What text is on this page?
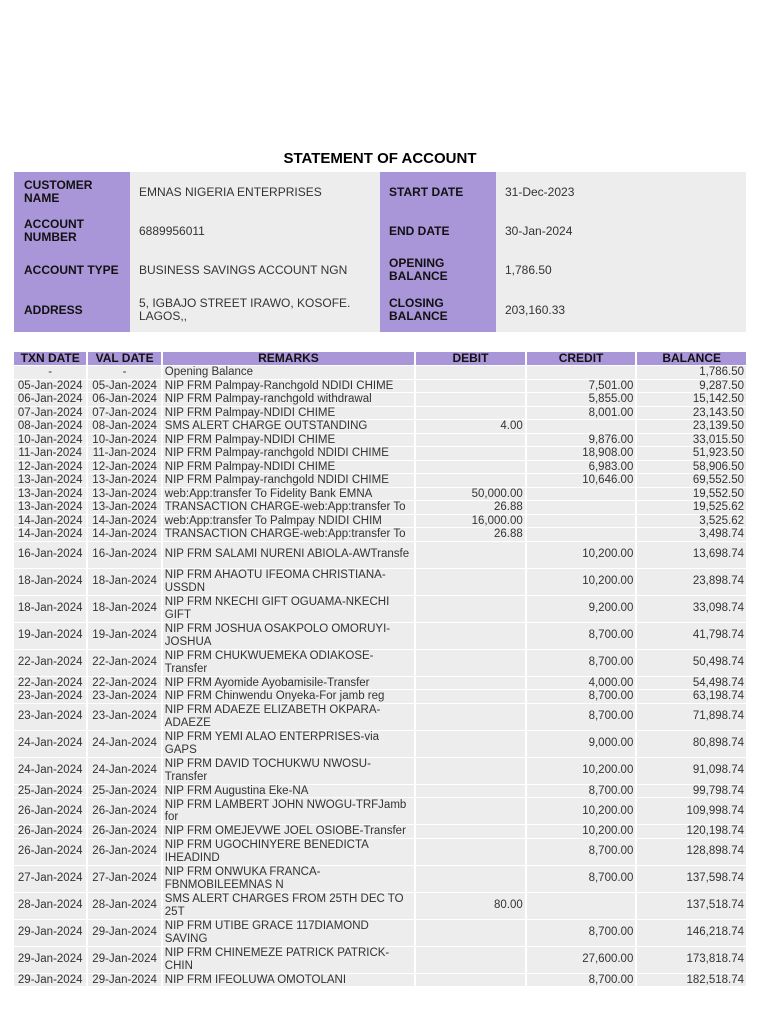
STATEMENT OF ACCOUNT
CUSTOMER NAME	EMNAS NIGERIA ENTERPRISES
ACCOUNT NUMBER	6889956011
ACCOUNT TYPE	BUSINESS SAVINGS ACCOUNT NGN
ADDRESS	5, IGBAJO STREET IRAWO, KOSOFE. LAGOS,,
START DATE	31-Dec-2023
END DATE	30-Jan-2024
OPENING BALANCE	1,786.50
CLOSING BALANCE	203,160.33
TXN DATE	VAL DATE	REMARKS	DEBIT	CREDIT	BALANCE
-	-	Opening Balance			1,786.50
05-Jan-2024	05-Jan-2024	NIP FRM Palmpay-Ranchgold NDIDI CHIME		7,501.00	9,287.50
06-Jan-2024	06-Jan-2024	NIP FRM Palmpay-ranchgold withdrawal		5,855.00	15,142.50
07-Jan-2024	07-Jan-2024	NIP FRM Palmpay-NDIDI CHIME		8,001.00	23,143.50
08-Jan-2024	08-Jan-2024	SMS ALERT CHARGE OUTSTANDING	4.00		23,139.50
10-Jan-2024	10-Jan-2024	NIP FRM Palmpay-NDIDI CHIME		9,876.00	33,015.50
11-Jan-2024	11-Jan-2024	NIP FRM Palmpay-ranchgold NDIDI CHIME		18,908.00	51,923.50
12-Jan-2024	12-Jan-2024	NIP FRM Palmpay-NDIDI CHIME		6,983.00	58,906.50
13-Jan-2024	13-Jan-2024	NIP FRM Palmpay-ranchgold NDIDI CHIME		10,646.00	69,552.50
13-Jan-2024	13-Jan-2024	web:App:transfer To Fidelity Bank EMNA	50,000.00		19,552.50
13-Jan-2024	13-Jan-2024	TRANSACTION CHARGE-web:App:transfer To	26.88		19,525.62
14-Jan-2024	14-Jan-2024	web:App:transfer To Palmpay NDIDI CHIM	16,000.00		3,525.62
14-Jan-2024	14-Jan-2024	TRANSACTION CHARGE-web:App:transfer To	26.88		3,498.74
16-Jan-2024	16-Jan-2024	NIP FRM SALAMI NURENI ABIOLA-AWTransfe		10,200.00	13,698.74
18-Jan-2024	18-Jan-2024	NIP FRM AHAOTU IFEOMA CHRISTIANA-USSDN		10,200.00	23,898.74
18-Jan-2024	18-Jan-2024	NIP FRM NKECHI GIFT OGUAMA-NKECHI GIFT		9,200.00	33,098.74
19-Jan-2024	19-Jan-2024	NIP FRM JOSHUA OSAKPOLO OMORUYI-JOSHUA		8,700.00	41,798.74
22-Jan-2024	22-Jan-2024	NIP FRM CHUKWUEMEKA ODIAKOSE-Transfer		8,700.00	50,498.74
22-Jan-2024	22-Jan-2024	NIP FRM Ayomide Ayobamisile-Transfer		4,000.00	54,498.74
23-Jan-2024	23-Jan-2024	NIP FRM Chinwendu Onyeka-For jamb reg		8,700.00	63,198.74
23-Jan-2024	23-Jan-2024	NIP FRM ADAEZE ELIZABETH OKPARA-ADAEZE		8,700.00	71,898.74
24-Jan-2024	24-Jan-2024	NIP FRM YEMI ALAO ENTERPRISES-via GAPS		9,000.00	80,898.74
24-Jan-2024	24-Jan-2024	NIP FRM DAVID TOCHUKWU NWOSU-Transfer		10,200.00	91,098.74
25-Jan-2024	25-Jan-2024	NIP FRM Augustina Eke-NA		8,700.00	99,798.74
26-Jan-2024	26-Jan-2024	NIP FRM LAMBERT JOHN NWOGU-TRFJamb for		10,200.00	109,998.74
26-Jan-2024	26-Jan-2024	NIP FRM OMEJEVWE JOEL OSIOBE-Transfer		10,200.00	120,198.74
26-Jan-2024	26-Jan-2024	NIP FRM UGOCHINYERE BENEDICTA IHEADIND		8,700.00	128,898.74
27-Jan-2024	27-Jan-2024	NIP FRM ONWUKA FRANCA-FBNMOBILEEMNAS N		8,700.00	137,598.74
28-Jan-2024	28-Jan-2024	SMS ALERT CHARGES FROM 25TH DEC TO 25T	80.00		137,518.74
29-Jan-2024	29-Jan-2024	NIP FRM UTIBE GRACE 117DIAMOND SAVING		8,700.00	146,218.74
29-Jan-2024	29-Jan-2024	NIP FRM CHINEMEZE PATRICK PATRICK-CHIN		27,600.00	173,818.74
29-Jan-2024	29-Jan-2024	NIP FRM IFEOLUWA OMOTOLANI		8,700.00	182,518.74
